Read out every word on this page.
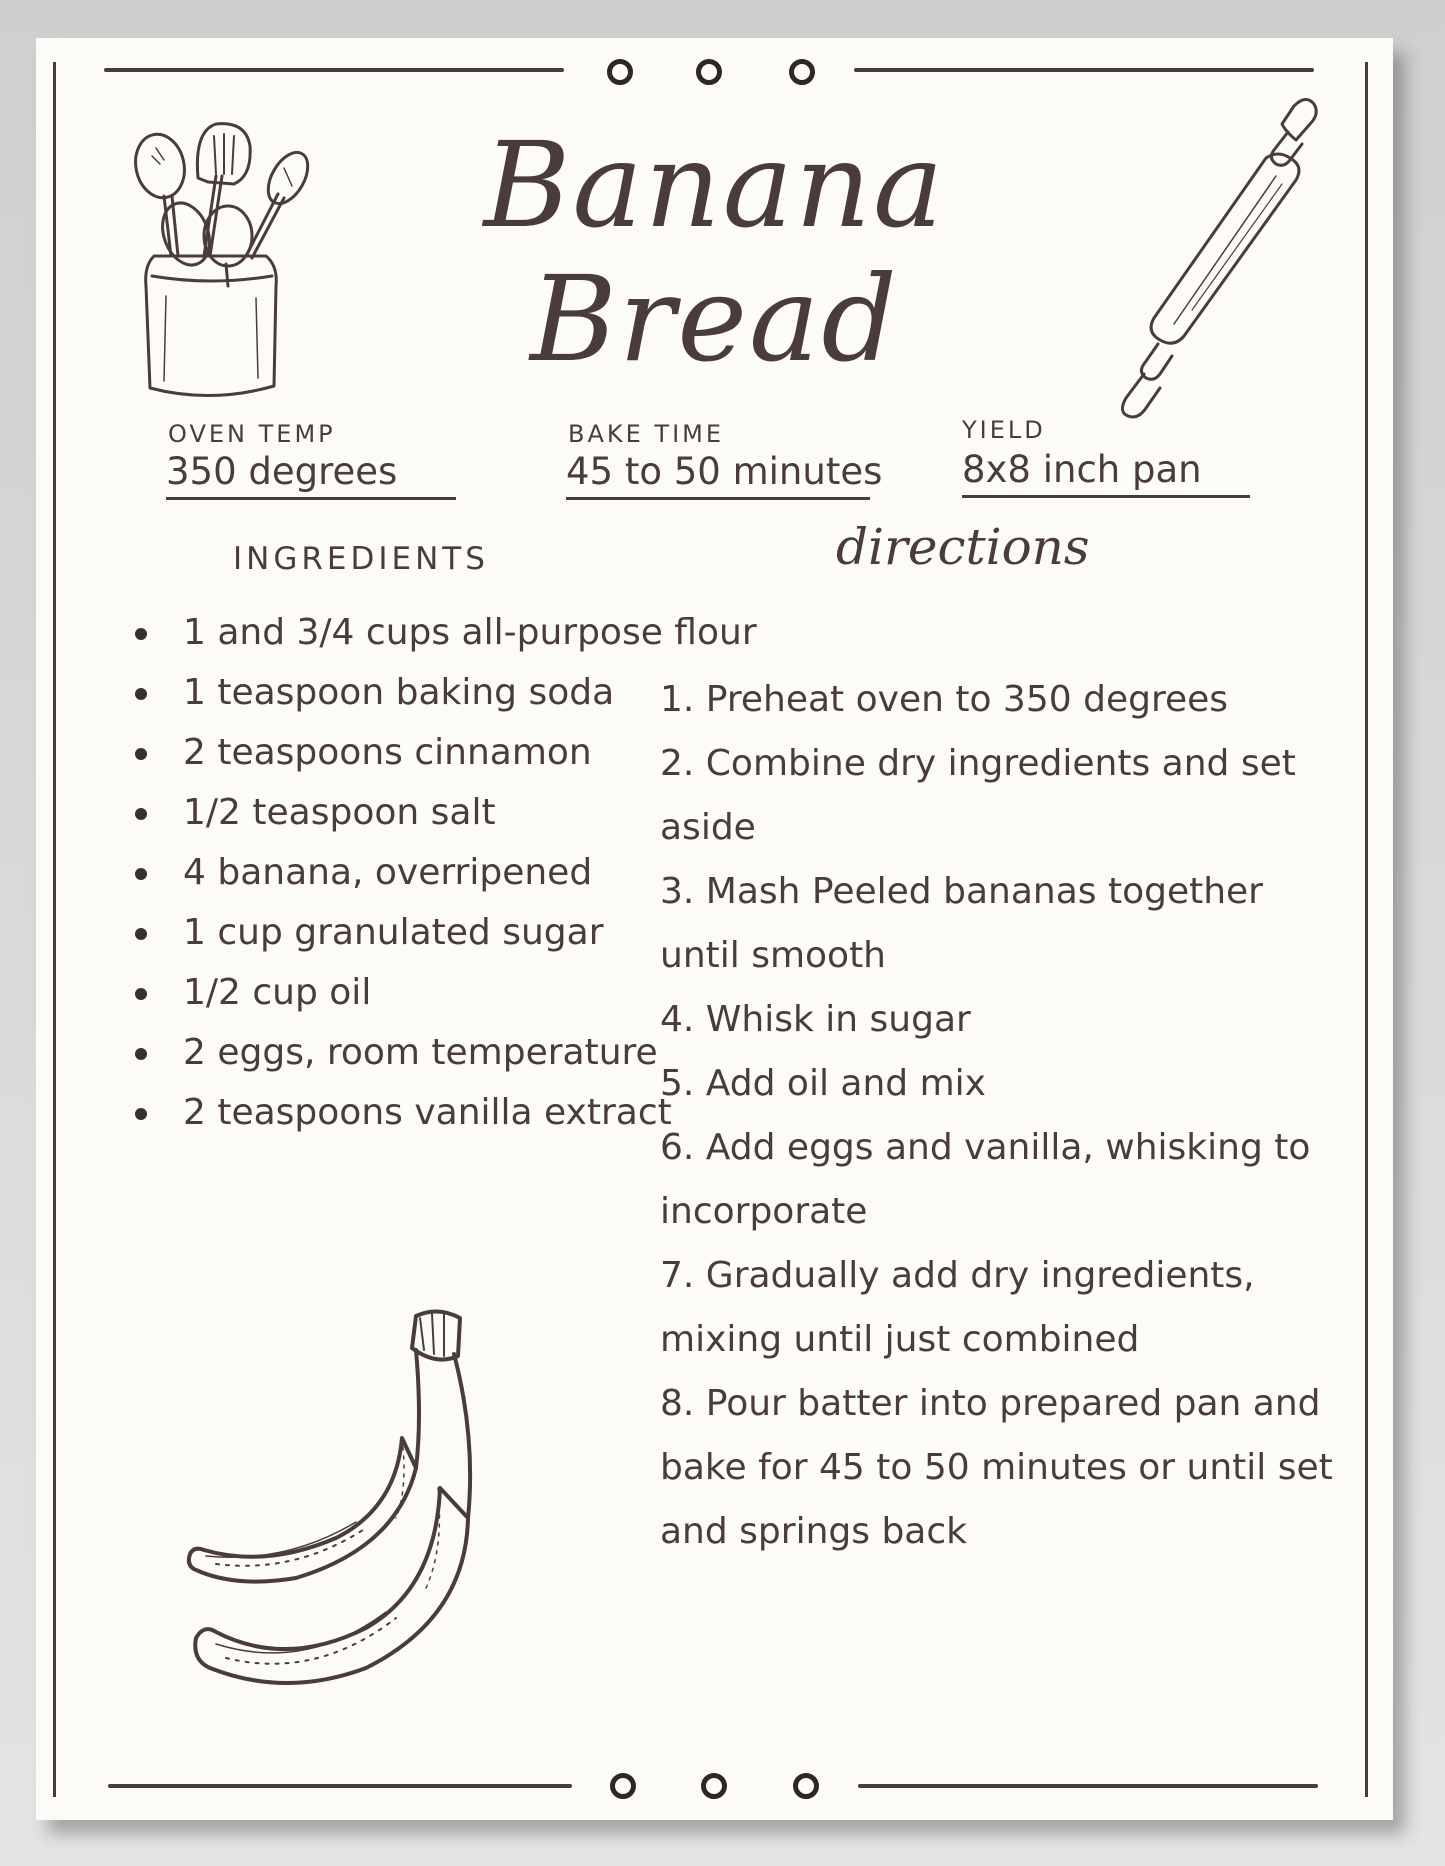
Banana
Bread
OVEN TEMP
350 degrees
BAKE TIME
45 to 50 minutes
YIELD
8x8 inch pan
INGREDIENTS	directions
1 and 3/4 cups all-purpose flour
1 teaspoon baking soda
2 teaspoons cinnamon
1/2 teaspoon salt
4 banana, overripened
1 cup granulated sugar
1/2 cup oil
2 eggs, room temperature
2 teaspoons vanilla extract
1. Preheat oven to 350 degrees
2. Combine dry ingredients and set aside
3. Mash Peeled bananas together until smooth
4. Whisk in sugar
5. Add oil and mix
6. Add eggs and vanilla, whisking to incorporate
7. Gradually add dry ingredients, mixing until just combined
8. Pour batter into prepared pan and bake for 45 to 50 minutes or until set and springs back
